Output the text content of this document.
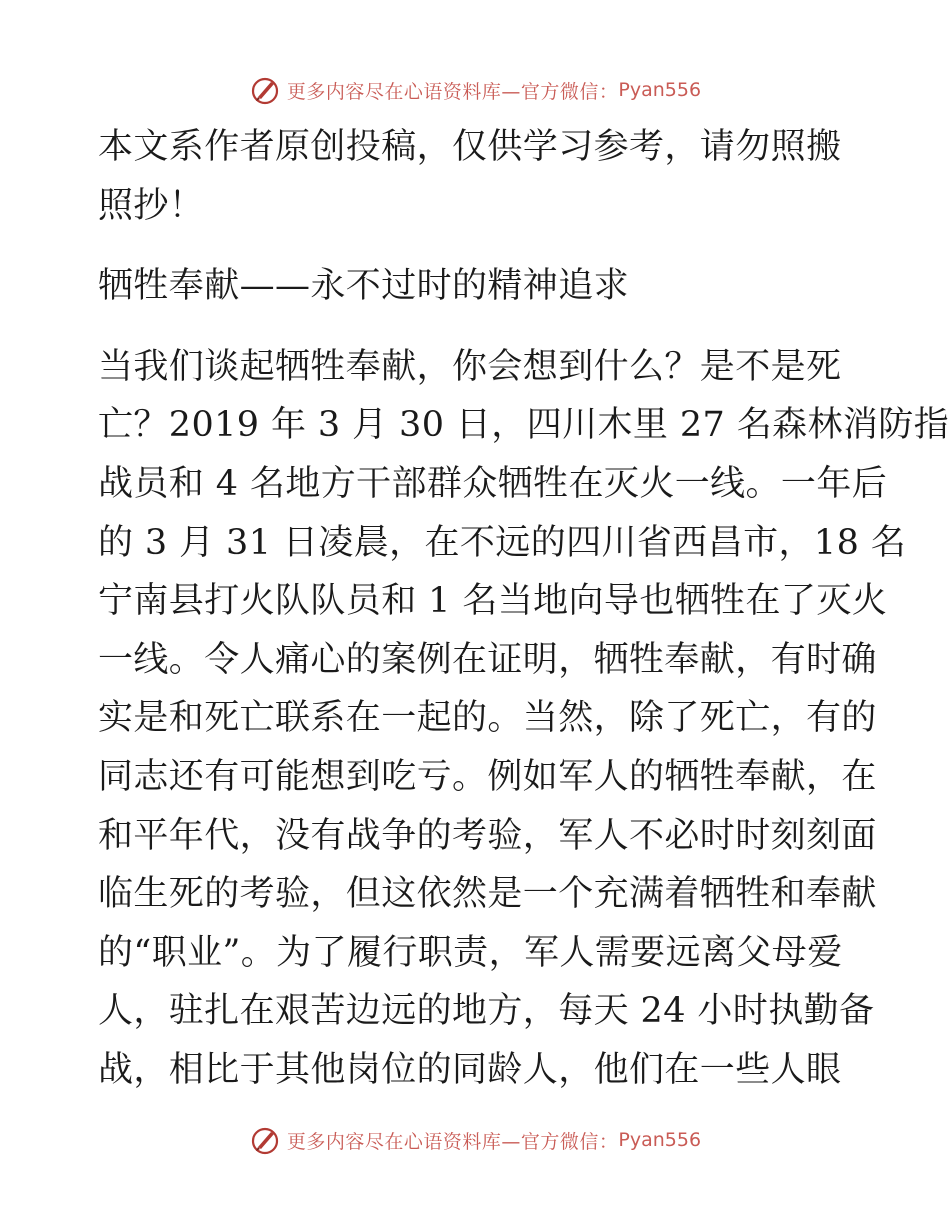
更多内容尽在心语资料库—官方微信： Pyan556
本文系作者原创投稿，仅供学习参考，请勿照搬
照抄！
牺牲奉献——永不过时的精神追求
当我们谈起牺牲奉献，你会想到什么？是不是死
亡？2019 年 3 月 30 日，四川木里 27 名森林消防指
战员和 4 名地方干部群众牺牲在灭火一线。一年后
的 3 月 31 日凌晨，在不远的四川省西昌市，18 名
宁南县打火队队员和 1 名当地向导也牺牲在了灭火
一线。令人痛心的案例在证明，牺牲奉献，有时确
实是和死亡联系在一起的。当然，除了死亡，有的
同志还有可能想到吃亏。例如军人的牺牲奉献，在
和平年代，没有战争的考验，军人不必时时刻刻面
临生死的考验，但这依然是一个充满着牺牲和奉献
的“职业”。为了履行职责，军人需要远离父母爱
人，驻扎在艰苦边远的地方，每天 24 小时执勤备
战，相比于其他岗位的同龄人，他们在一些人眼
更多内容尽在心语资料库—官方微信： Pyan556
